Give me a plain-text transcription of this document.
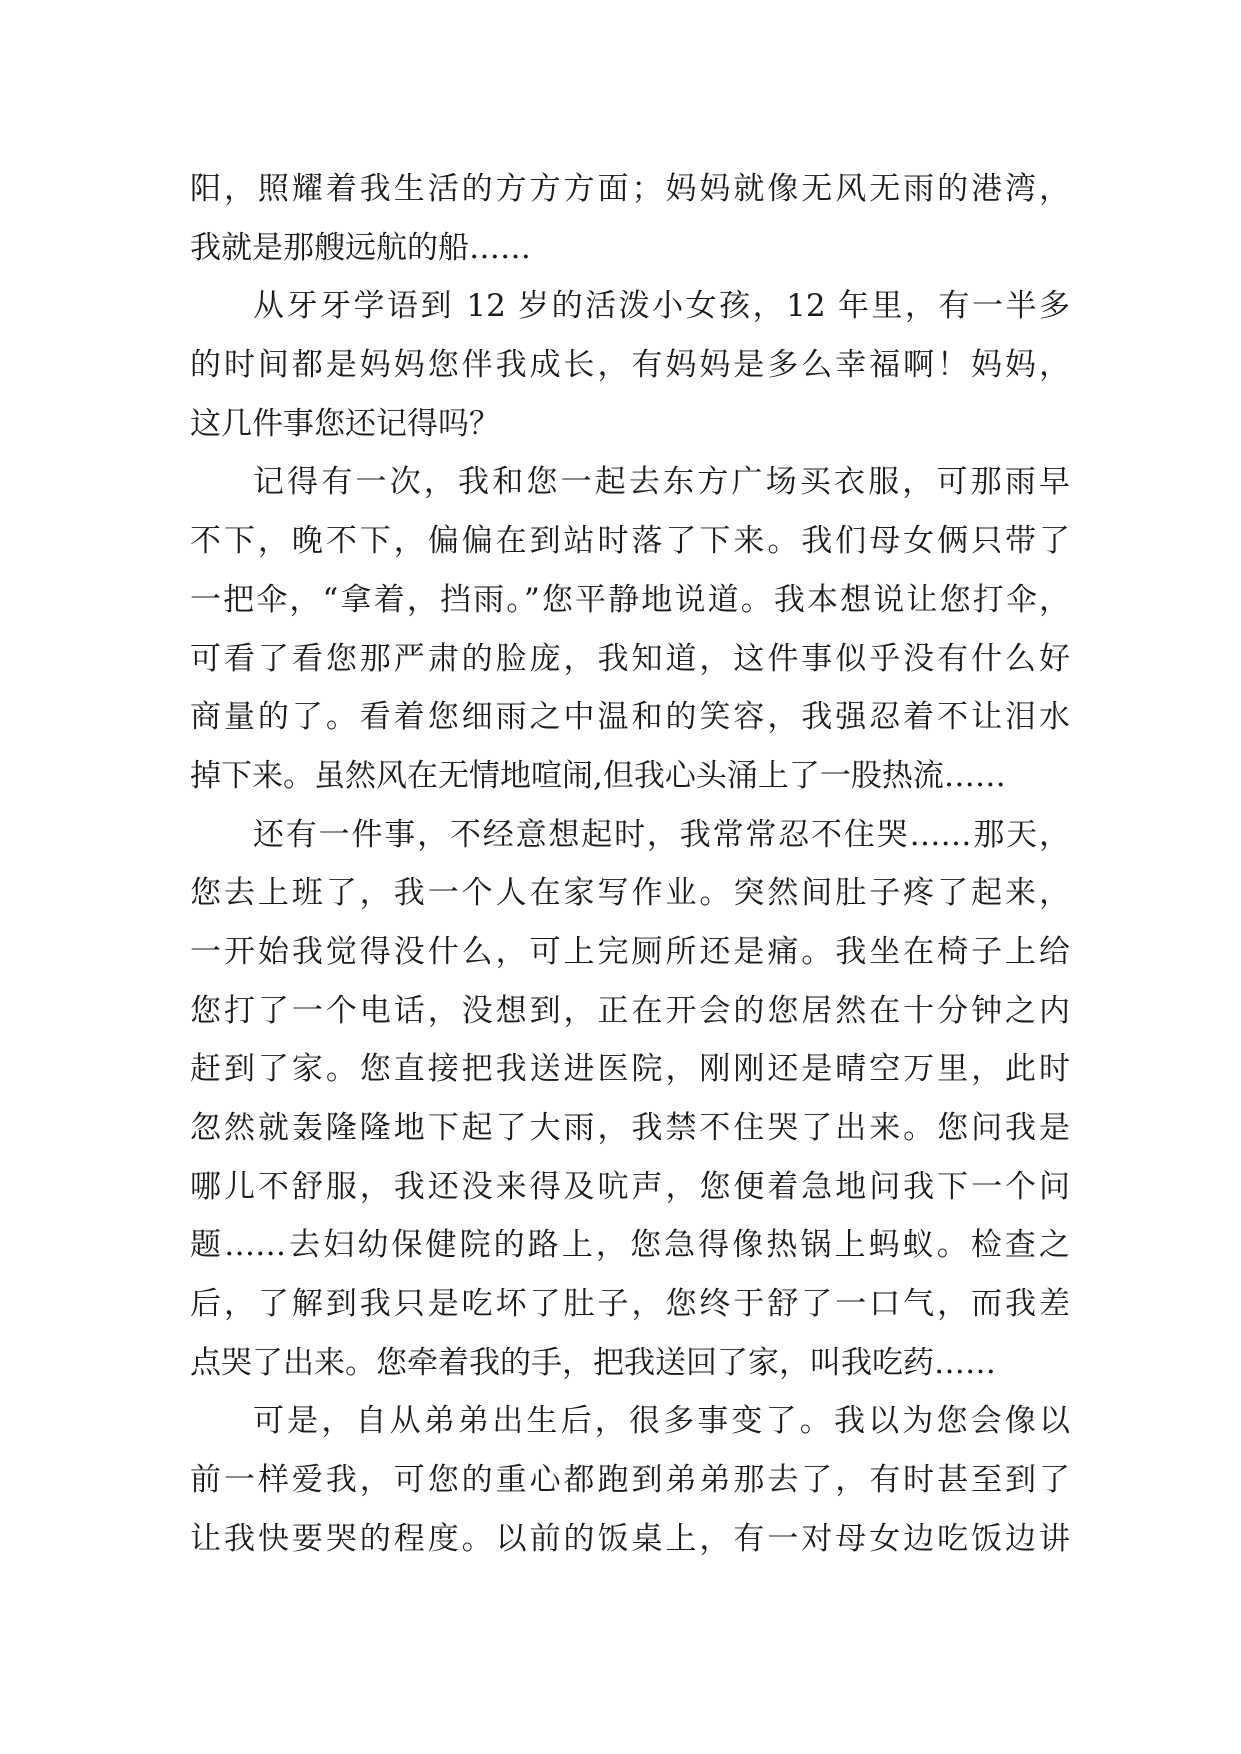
阳，照耀着我生活的方方方面；妈妈就像无风无雨的港湾，
我就是那艘远航的船……
从牙牙学语到 12 岁的活泼小女孩，12 年里，有一半多
的时间都是妈妈您伴我成长，有妈妈是多么幸福啊！妈妈，
这几件事您还记得吗？
记得有一次，我和您一起去东方广场买衣服，可那雨早
不下，晚不下，偏偏在到站时落了下来。我们母女俩只带了
一把伞，“拿着，挡雨。”您平静地说道。我本想说让您打伞，
可看了看您那严肃的脸庞，我知道，这件事似乎没有什么好
商量的了。看着您细雨之中温和的笑容，我强忍着不让泪水
掉下来。虽然风在无情地喧闹,但我心头涌上了一股热流……
还有一件事，不经意想起时，我常常忍不住哭……那天，
您去上班了，我一个人在家写作业。突然间肚子疼了起来，
一开始我觉得没什么，可上完厕所还是痛。我坐在椅子上给
您打了一个电话，没想到，正在开会的您居然在十分钟之内
赶到了家。您直接把我送进医院，刚刚还是晴空万里，此时
忽然就轰隆隆地下起了大雨，我禁不住哭了出来。您问我是
哪儿不舒服，我还没来得及吭声，您便着急地问我下一个问
题……去妇幼保健院的路上，您急得像热锅上蚂蚁。检查之
后，了解到我只是吃坏了肚子，您终于舒了一口气，而我差
点哭了出来。您牵着我的手，把我送回了家，叫我吃药……
可是，自从弟弟出生后，很多事变了。我以为您会像以
前一样爱我，可您的重心都跑到弟弟那去了，有时甚至到了
让我快要哭的程度。以前的饭桌上，有一对母女边吃饭边讲
